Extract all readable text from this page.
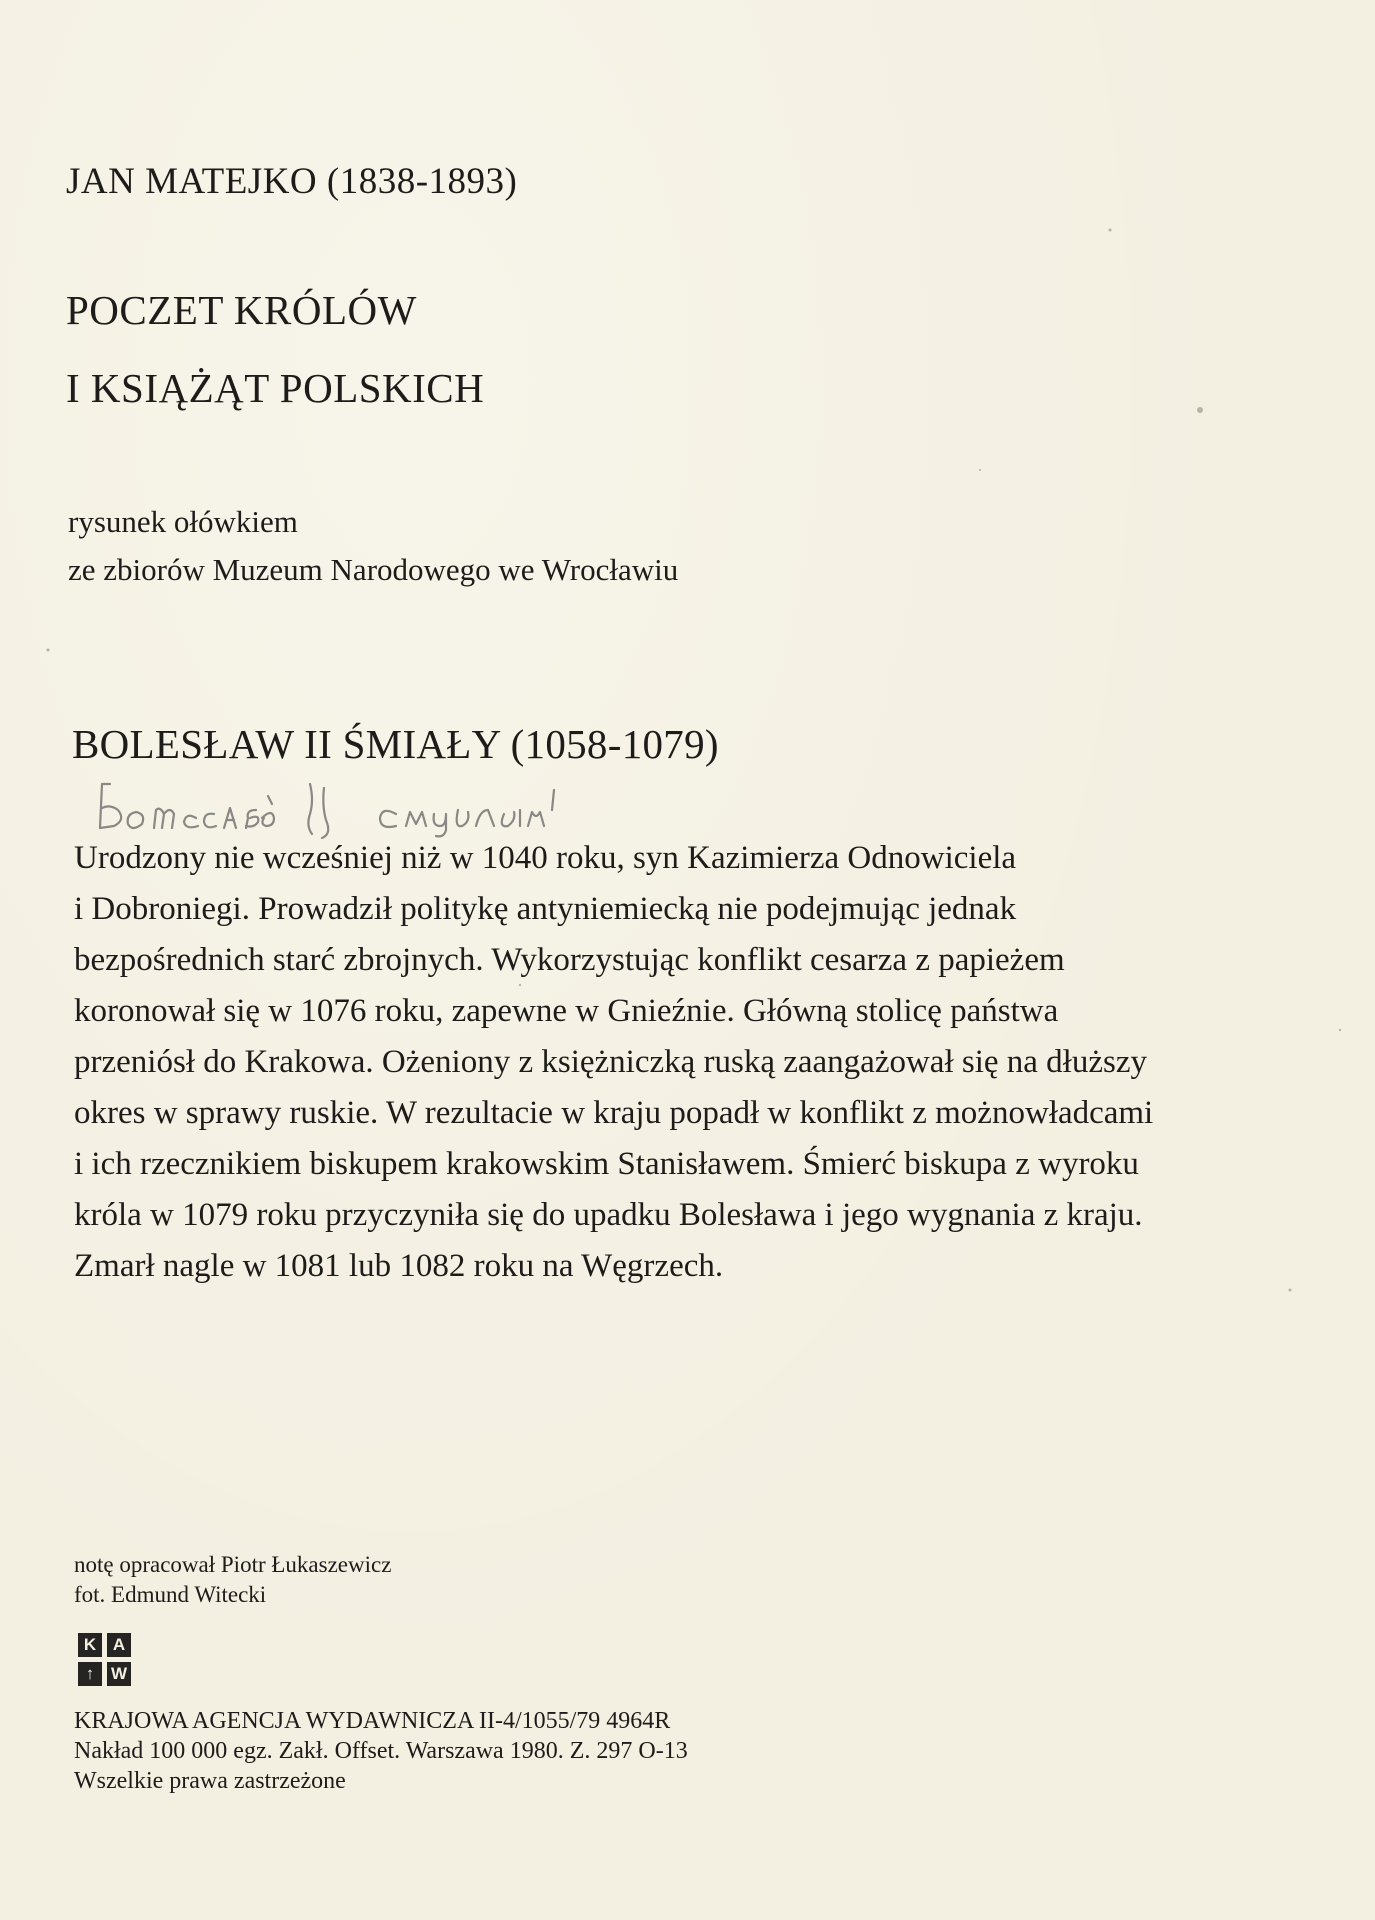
JAN MATEJKO (1838-1893)
POCZET KRÓLÓW
I KSIĄŻĄT POLSKICH
rysunek ołówkiem
ze zbiorów Muzeum Narodowego we Wrocławiu
BOLESŁAW II ŚMIAŁY (1058-1079)
Urodzony nie wcześniej niż w 1040 roku, syn Kazimierza Odnowiciela
i Dobroniegi. Prowadził politykę antyniemiecką nie podejmując jednak
bezpośrednich starć zbrojnych. Wykorzystując konflikt cesarza z papieżem
koronował się w 1076 roku, zapewne w Gnieźnie. Główną stolicę państwa
przeniósł do Krakowa. Ożeniony z księżniczką ruską zaangażował się na dłuższy
okres w sprawy ruskie. W rezultacie w kraju popadł w konflikt z możnowładcami
i ich rzecznikiem biskupem krakowskim Stanisławem. Śmierć biskupa z wyroku
króla w 1079 roku przyczyniła się do upadku Bolesława i jego wygnania z kraju.
Zmarł nagle w 1081 lub 1082 roku na Węgrzech.
notę opracował Piotr Łukaszewicz
fot. Edmund Witecki
K A
↑ W
KRAJOWA AGENCJA WYDAWNICZA II-4/1055/79 4964R
Nakład 100 000 egz. Zakł. Offset. Warszawa 1980. Z. 297 O-13
Wszelkie prawa zastrzeżone
